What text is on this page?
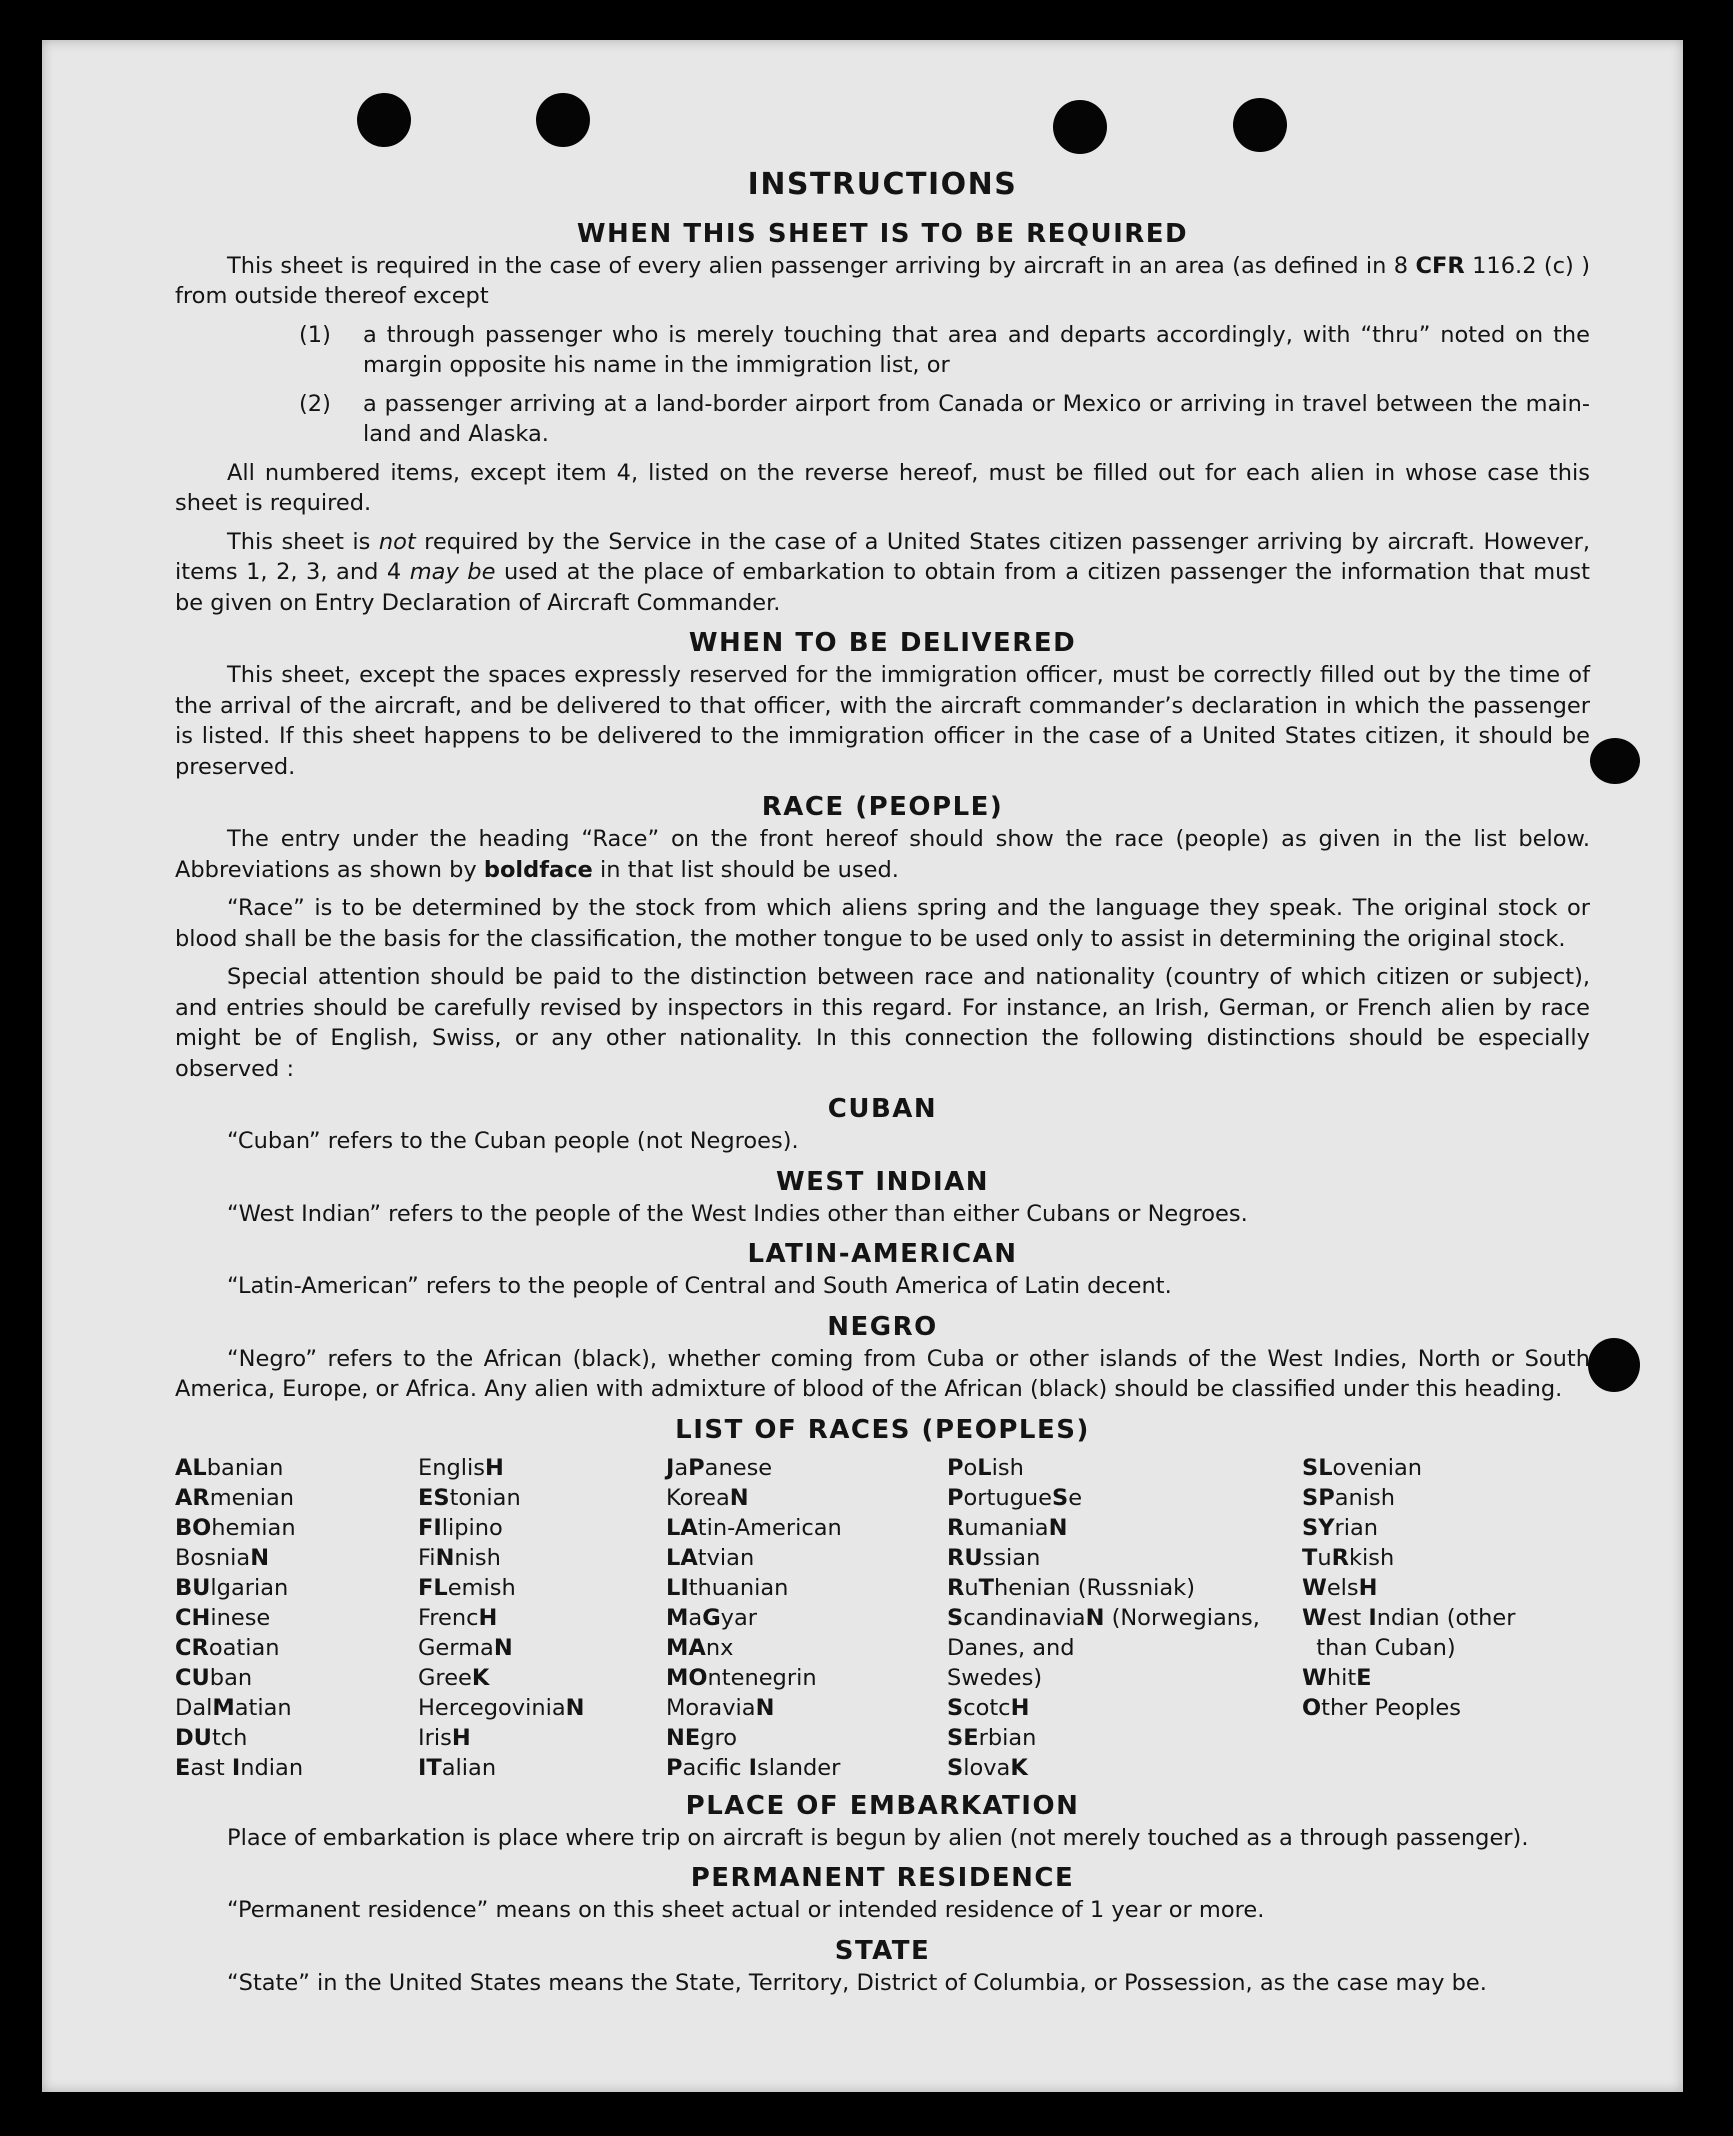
INSTRUCTIONS
WHEN THIS SHEET IS TO BE REQUIRED

This sheet is required in the case of every alien passenger arriving by aircraft in an area (as defined in 8 CFR 116.2 (c) ) from outside thereof except

(1)	a through passenger who is merely touching that area and departs accordingly, with “thru” noted on the margin opposite his name in the immigration list, or
(2)	a passenger arriving at a land-border airport from Canada or Mexico or arriving in travel between the main-land and Alaska.

All numbered items, except item 4, listed on the reverse hereof, must be filled out for each alien in whose case this sheet is required.

This sheet is not required by the Service in the case of a United States citizen passenger arriving by aircraft. However, items 1, 2, 3, and 4 may be used at the place of embarkation to obtain from a citizen passenger the information that must be given on Entry Declaration of Aircraft Commander.

WHEN TO BE DELIVERED

This sheet, except the spaces expressly reserved for the immigration officer, must be correctly filled out by the time of the arrival of the aircraft, and be delivered to that officer, with the aircraft commander’s declaration in which the passenger is listed. If this sheet happens to be delivered to the immigration officer in the case of a United States citizen, it should be preserved.

RACE (PEOPLE)

The entry under the heading “Race” on the front hereof should show the race (people) as given in the list below. Abbreviations as shown by boldface in that list should be used.

“Race” is to be determined by the stock from which aliens spring and the language they speak. The original stock or blood shall be the basis for the classification, the mother tongue to be used only to assist in determining the original stock.

Special attention should be paid to the distinction between race and nationality (country of which citizen or subject), and entries should be carefully revised by inspectors in this regard. For instance, an Irish, German, or French alien by race might be of English, Swiss, or any other nationality. In this connection the following distinctions should be especially observed :

CUBAN

“Cuban” refers to the Cuban people (not Negroes).

WEST INDIAN

“West Indian” refers to the people of the West Indies other than either Cubans or Negroes.

LATIN-AMERICAN

“Latin-American” refers to the people of Central and South America of Latin decent.

NEGRO

“Negro” refers to the African (black), whether coming from Cuba or other islands of the West Indies, North or South America, Europe, or Africa. Any alien with admixture of blood of the African (black) should be classified under this heading.

LIST OF RACES (PEOPLES)
ALbanian
ARmenian
BOhemian
BosniaN
BUlgarian
CHinese
CRoatian
CUban
DalMatian
DUtch
East Indian
EnglisH
EStonian
FIlipino
FiNnish
FLemish
FrencH
GermaN
GreeK
HercegoviniaN
IrisH
ITalian
JaPanese
KoreaN
LAtin-American
LAtvian
LIthuanian
MaGyar
MAnx
MOntenegrin
MoraviaN
NEgro
Pacific Islander
PoLish
PortugueSe
RumaniaN
RUssian
RuThenian (Russniak)
ScandinaviaN (Norwegians,
Danes, and
Swedes)
ScotcH
SErbian
SlovaK
SLovenian
SPanish
SYrian
TuRkish
WelsH
West Indian (other
than Cuban)
WhitE
Other Peoples
PLACE OF EMBARKATION

Place of embarkation is place where trip on aircraft is begun by alien (not merely touched as a through passenger).

PERMANENT RESIDENCE

“Permanent residence” means on this sheet actual or intended residence of 1 year or more.

STATE

“State” in the United States means the State, Territory, District of Columbia, or Possession, as the case may be.
